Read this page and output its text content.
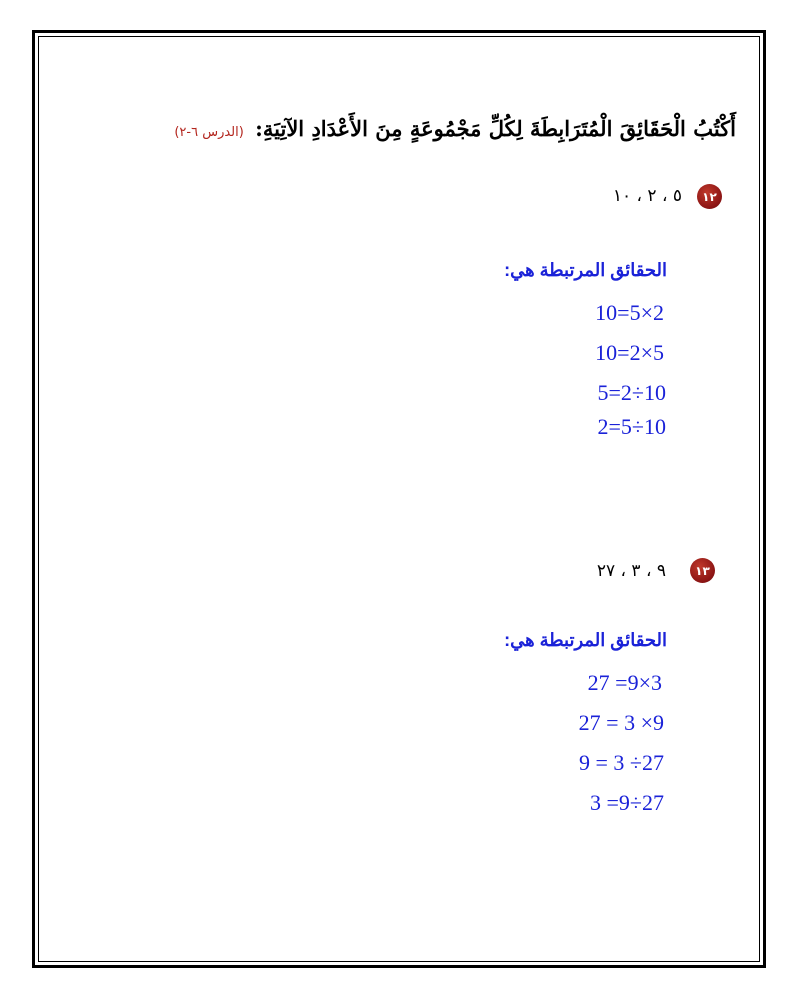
أَكْتُبُ الْحَقَائِقَ الْمُتَرَابِطَةَ لِكُلِّ مَجْمُوعَةٍ مِنَ الأَعْدَادِ الآتِيَةِ: (الدرس ٦-٢)
١٢
٥ ، ٢ ، ١٠
الحقائق المرتبطة هي:
10=5×2
10=2×5
5=2÷10
2=5÷10
١٣
٩ ، ٣ ، ٢٧
الحقائق المرتبطة هي:
27 =9×3
27 = 3 ×9
9 = 3 ÷27
3 =9÷27
